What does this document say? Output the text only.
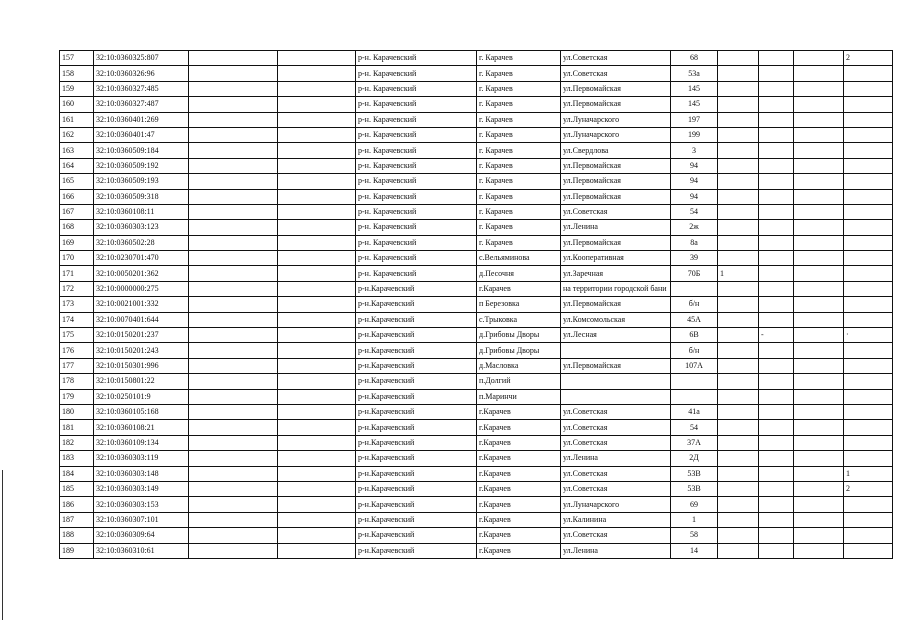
157	32:10:0360325:807			р-н. Карачевский	г. Карачев	ул.Советская	68				2
158	32:10:0360326:96			р-н. Карачевский	г. Карачев	ул.Советская	53а				
159	32:10:0360327:485			р-н. Карачевский	г. Карачев	ул.Первомайская	145				
160	32:10:0360327:487			р-н. Карачевский	г. Карачев	ул.Первомайская	145				
161	32:10:0360401:269			р-н. Карачевский	г. Карачев	ул.Луначарского	197				
162	32:10:0360401:47			р-н. Карачевский	г. Карачев	ул.Луначарского	199				
163	32:10:0360509:184			р-н. Карачевский	г. Карачев	ул.Свердлова	3				
164	32:10:0360509:192			р-н. Карачевский	г. Карачев	ул.Первомайская	94				
165	32:10:0360509:193			р-н. Карачевский	г. Карачев	ул.Первомайская	94				
166	32:10:0360509:318			р-н. Карачевский	г. Карачев	ул.Первомайская	94				
167	32:10:0360108:11			р-н. Карачевский	г. Карачев	ул.Советская	54				
168	32:10:0360303:123			р-н. Карачевский	г. Карачев	ул.Ленина	2ж				
169	32:10:0360502:28			р-н. Карачевский	г. Карачев	ул.Первомайская	8а				
170	32:10:0230701:470			р-н. Карачевский	с.Вельяминова	ул.Кооперативная	39				
171	32:10:0050201:362			р-н. Карачевский	д.Песочня	ул.Заречная	70Б	1			
172	32:10:0000000:275			р-н.Карачевский	г.Карачев	на территории городской бани					
173	32:10:0021001:332			р-н.Карачевский	п Березовка	ул.Первомайская	б/н				
174	32:10:0070401:644			р-н.Карачевский	с.Трыковка	ул.Комсомольская	45А				
175	32:10:0150201:237			р-н.Карачевский	д.Грибовы Дворы	ул.Лесная	6В		-		·
176	32:10:0150201:243			р-н.Карачевский	д.Грибовы Дворы		б/н				
177	32:10:0150301:996			р-н.Карачевский	д.Масловка	ул.Первомайская	107А				
178	32:10:0150801:22			р-н.Карачевский	п.Долгий						
179	32:10:0250101:9			р-н.Карачевский	п.Маринчи						
180	32:10:0360105:168			р-н.Карачевский	г.Карачев	ул.Советская	41а				
181	32:10:0360108:21			р-н.Карачевский	г.Карачев	ул.Советская	54				
182	32:10:0360109:134			р-н.Карачевский	г.Карачев	ул.Советская	37А				
183	32:10:0360303:119			р-н.Карачевский	г.Карачев	ул.Ленина	2Д				
184	32:10:0360303:148			р-н.Карачевский	г.Карачев	ул.Советская	53В				1
185	32:10:0360303:149			р-н.Карачевский	г.Карачев	ул.Советская	53В				2
186	32:10:0360303:153			р-н.Карачевский	г.Карачев	ул.Луначарского	69				
187	32:10:0360307:101			р-н.Карачевский	г.Карачев	ул.Калинина	1				
188	32:10:0360309:64			р-н.Карачевский	г.Карачев	ул.Советская	58				
189	32:10:0360310:61			р-н.Карачевский	г.Карачев	ул.Ленина	14				
